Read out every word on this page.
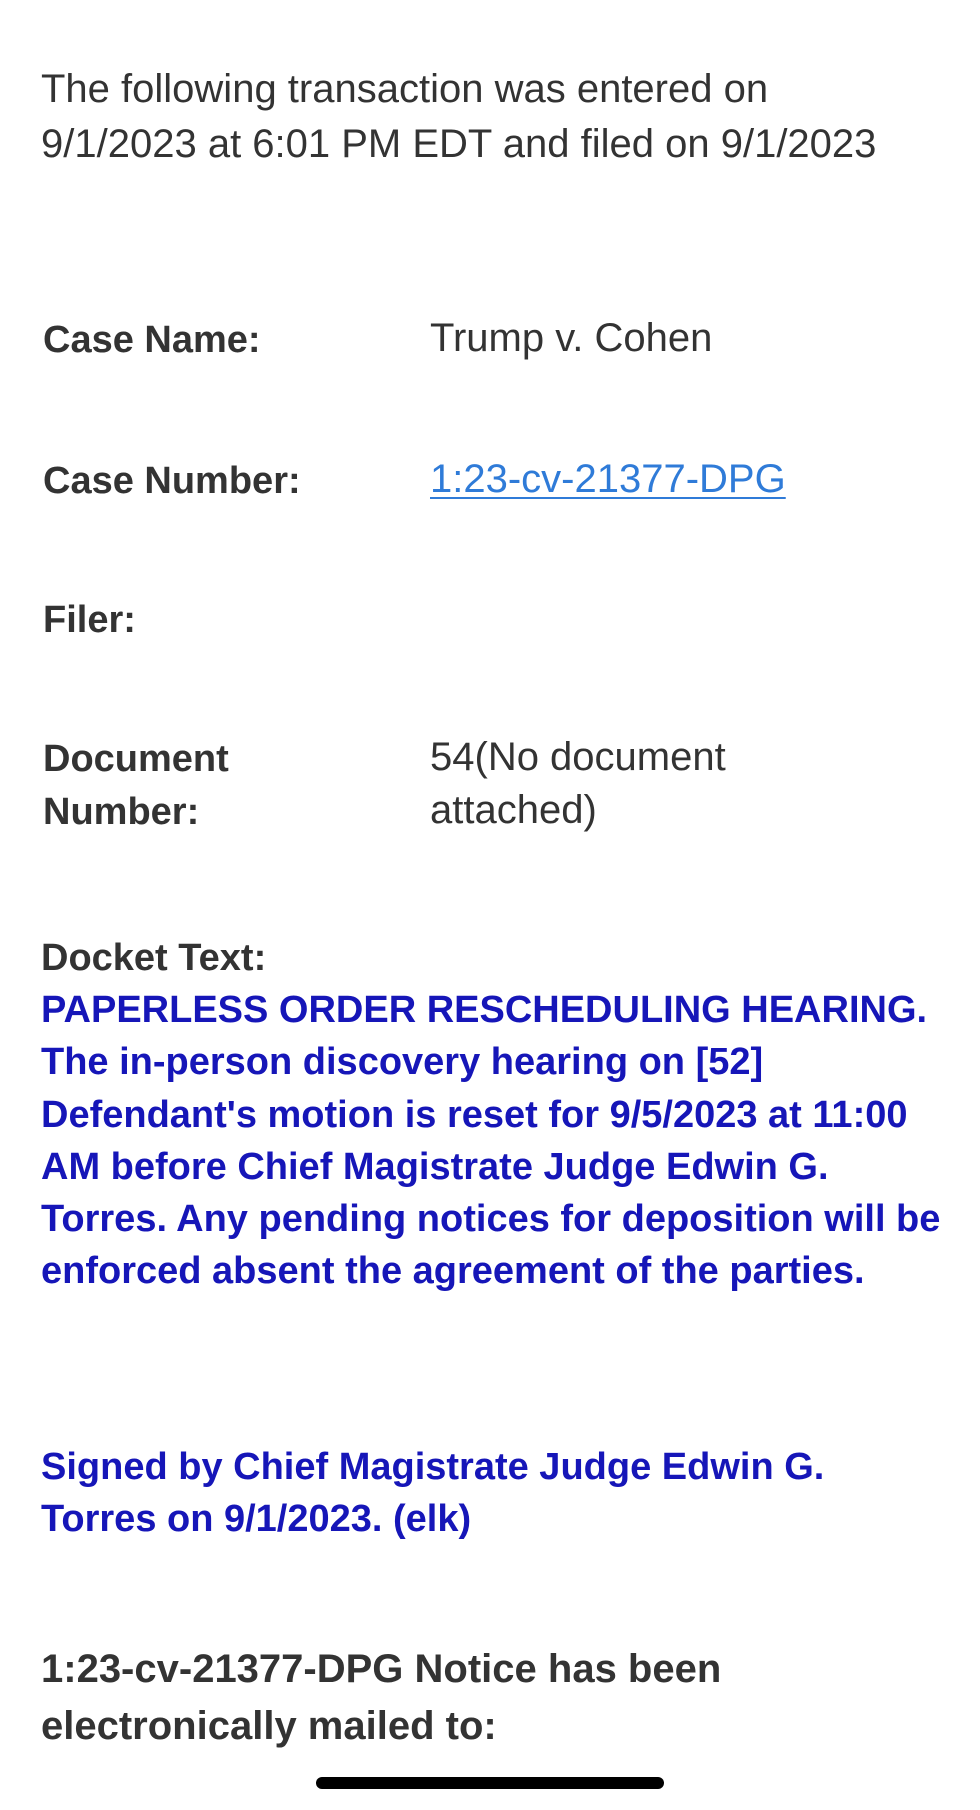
The following transaction was entered on 9/1/2023 at 6:01 PM EDT and filed on 9/1/2023

Case Name:	Trump v. Cohen
Case Number:	1:23-cv-21377-DPG
Filer:
Document
Number:
54(No document
attached)
Docket Text:

PAPERLESS ORDER RESCHEDULING HEARING. The in-person discovery hearing on [52] Defendant's motion is reset for 9/5/2023 at 11:00 AM before Chief Magistrate Judge Edwin G. Torres. Any pending notices for deposition will be enforced absent the agreement of the parties.

Signed by Chief Magistrate Judge Edwin G. Torres on 9/1/2023. (elk)

1:23-cv-21377-DPG Notice has been electronically mailed to:
